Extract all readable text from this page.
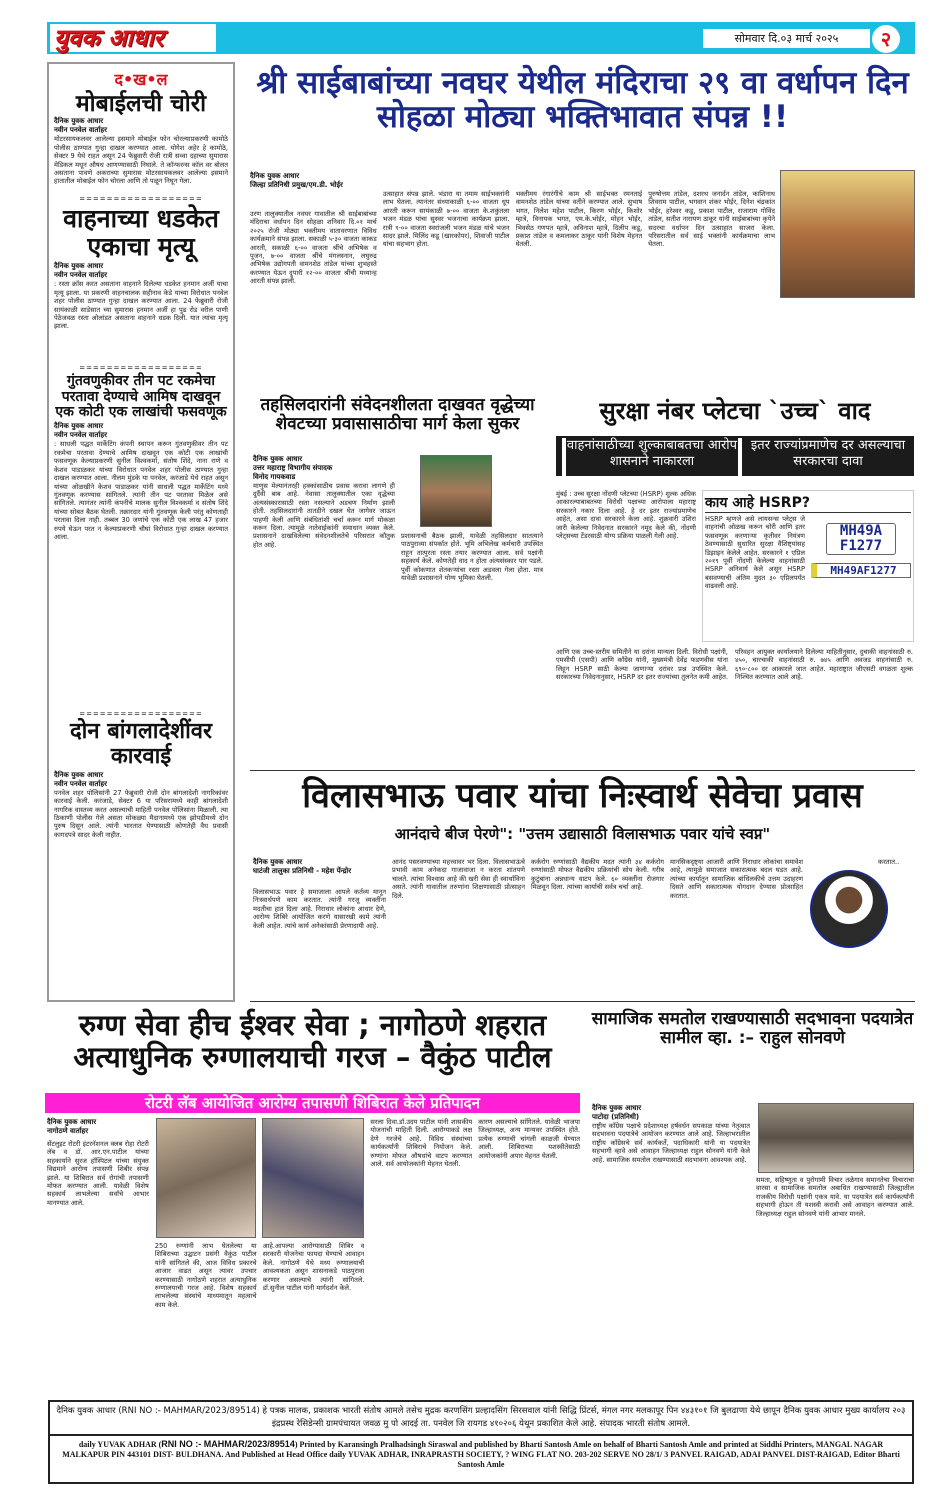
युवक आधार	सोमवार दि.०३ मार्च २०२५	२
द•ख•ल
मोबाईलची चोरी
दैनिक युवक आधार
नवीन पनवेल वार्ताहर
मोटरसायकलवर आलेल्या इसमाने मोबाईल फोन चोरल्याप्रकरणी कामोठे पोलीस ठाण्यात गुन्हा दाखल करण्यात आला. योगेश अहेर हे कामोठे, सेक्टर 9 येथे राहत असून 24 फेब्रुवारी रोजी रात्री सव्वा दहाच्या सुमारास मेडिकल मधून औषध आणण्यासाठी निघाले. ते कॉन्फरन्स कॉल वर बोलत असताना पावणे अकराच्या सुमारास मोटरसायकलवर आलेल्या इसमाने हातातील मोबाईल फोन चोरला आणि तो पळून निघून गेला.
==================
वाहनाच्या धडकेत एकाचा मृत्यू
दैनिक युवक आधार
नवीन पनवेल वार्ताहर
: रस्ता क्रॉस करत असताना वाहनाने दिलेल्या धडकेत हनमान अर्जी याचा मृत्यू झाला. या प्रकरणी वाहनचालक सहीनाव केडे याच्या विरोधात पनवेल शहर पोलीस ठाण्यात गुन्हा दाखल करण्यात आला. 24 फेब्रुवारी रोजी सायंकाळी साडेसात च्या सुमारास हनमान अर्जी हा पुढ रोड वरील पाणी पेठेजवळ रस्ता ओलांडत असताना वाहनाने धडक दिली. यात त्यांचा मृत्यू झाला.
==================
गुंतवणुकीवर तीन पट रकमेचा परतावा देण्याचे आमिष दाखवून एक कोटी एक लाखांची फसवणूक
दैनिक युवक आधार
नवीन पनवेल वार्ताहर
: साधली पद्धत मार्केटिंग कंपनी स्थापन करून गुंतवणुकीवर तीन पट रकमेचा परतावा देण्याचे आमिष दाखवून एक कोटी एक लाखांची फसवणूक केल्याप्रकरणी सुनील विश्वकर्मा, संतोष शिंदे, नाना राणे व केशव पाडाळकर यांच्या विरोधात पनवेल शहर पोलीस ठाण्यात गुन्हा दाखल करण्यात आला. नीलम मुंडके या पनवेल, करंजाडे येथे राहत असून यांच्या ओळखीने केशव पाडाळकर यांनी साधली पद्धत मार्केटिंग मध्ये गुंतवणूक करण्यास सांगितले. त्यांनी तीन पट परतावा मिळेल असे सांगितले. त्यानंतर त्यांनी कंपनीचे मालक सुनील विश्वकर्मा व संतोष शिंदे यांच्या सोबत बैठक घेतली. तक्रारदार यांनी गुंतवणूक केली परंतु कोणताही परतावा दिला नाही. तब्बल 30 जणांचे एक कोटी एक लाख 47 हजार रुपये घेऊन परत न केल्याप्रकरणी चौघां विरोधात गुन्हा दाखल करण्यात आला.
==================
दोन बांगलादेशींवर कारवाई
दैनिक युवक आधार
नवीन पनवेल वार्ताहर
पनवेल शहर पोलिसांनी 27 फेब्रुवारी रोजी दोन बांगलादेशी नागरिकांवर कारवाई केली. करंजाडे, सेक्टर 6 या परिसरामध्ये काही बांगलादेशी नागरिक वास्तव्य करत असल्याची माहिती पनवेल पोलिसांना मिळाली. त्या ठिकाणी पोलीस गेले असता मोकळ्या मैदानामध्ये एक झोपडीमध्ये दोन पुरुष दिसून आले. त्यांनी भारतात येण्यासाठी कोणतेही वैध प्रवासी कागदपत्रे सादर केली नाहीत.
श्री साईबाबांच्या नवघर येथील मंदिराचा २९ वा वर्धापन दिन सोहळा मोठ्या भक्तिभावात संपन्न !!
दैनिक युवक आधार
जिल्हा प्रतिनिधी प्रमुख/एम.डी. भोईर
उरण तालुक्यातील नवघर गावातील श्री साईबाबांच्या मंदिराचा वर्धापन दिन सोहळा शनिवार दि.०१ मार्च २०२५ रोजी मोठ्या भक्तीमय वातावरणात विविध कार्यक्रमाने संपन्न झाला. सकाळी ५-३० वाजता काकड आरती, सकाळी ६-०० वाजता श्रींचे अभिषेक व पूजन, ७-०० वाजता श्रींचे मंगलस्नान, लघुरुद्र अभिषेक उद्योगपती वामनशेठ तांडेल यांच्या शुभहस्ते करण्यात येऊन दुपारी १२-०० वाजता श्रींची मध्यान्ह आरती संपन्न झाली.
उत्साहात संपन्न झाले. भंडारा या तमाम साईभक्तांनी लाभ घेतला. त्यानंतर संध्याकाळी ६-०० वाजता धूप आरती करून सायंकाळी ७-०० वाजता के.शकुंतला भजन मंडळ यांचा सुस्वर भजनाचा कार्यक्रम झाला. रात्री ९-०० वाजता स्वरांजली भजन मंडळ यांचे भजन सादर झाले. मिलिंद कडू (खारकोपर), शिवाजी पाटील यांचा सहभाग होता.
भक्तीमय रंगारंगीचे काम श्री साईभक्त रमनताई वामनशेठ तांडेल यांच्या वतीने करण्यात आले. सुभाष भगत, निलेश महेश पाटील, किरण भोईर, किशोर म्हात्रे, विनायक भगत, एम.के.भोईर, मोहन भोईर, भिवसेठ गणपत म्हात्रे, अविनाश म्हात्रे, दिलीप कडू, प्रकाश तांडेल व कमलाकर ठाकूर यांनी विशेष मेहनत घेतली.
पुरुषोत्तम तांडेल, दशरथ जनार्दन तांडेल, काशिनाथ शिवराम पाटील, भगवान शंकर भोईर, दिनेश चंद्रकांत भोईर, हरेश्वर कडू, प्रकाश पाटील, राजाराम गोविंद तांडेल, सतीश नारायण ठाकूर यांनी साईबाबांच्या कृपेने सदरचा वर्धापन दिन उत्साहात साजरा केला. परिसरातील सर्व साई भक्तांनी कार्यक्रमाचा लाभ घेतला.
तहसिलदारांनी संवेदनशीलता दाखवत वृद्धेच्या शेवटच्या प्रवासासाठीचा मार्ग केला सुकर
दैनिक युवक आधार
उत्तर महाराष्ट्र विभागीय संपादक
विनोद गायकवाड
माणुस मेल्यानंतरही हक्कांसाठीच प्रवास करावा लागणे ही दुर्दैवी बाब आहे. नेवासा तालुक्यातील एका वृद्धेच्या अंत्यसंस्कारासाठी रस्ता नसल्याने अडचण निर्माण झाली होती. तहसिलदारांनी तातडीने दखल घेत जागेवर जाऊन पाहणी केली आणि संबंधितांशी चर्चा करून मार्ग मोकळा करून दिला. त्यामुळे नातेवाईकांनी समाधान व्यक्त केले. प्रशासनाने दाखविलेल्या संवेदनशीलतेचे परिसरात कौतुक होत आहे.
प्रशासनाची बैठक झाली, यावेळी तहसिलदार सातत्याने पाठपुराव्या संपर्कात होते. भूमि अभिलेख कर्मचारी उपस्थित राहून तात्पुरता रस्ता तयार करण्यात आला. सर्व पक्षांनी सहकार्य केले. कोणतेही वाद न होता अंत्यसंस्कार पार पडले. पूर्वी कोकणात शेतकऱ्यांचा रस्ता अडवला गेला होता. मात्र यावेळी प्रशासनाने योग्य भूमिका घेतली.
सुरक्षा नंबर प्लेटचा `उच्च` वाद
वाहनांसाठीच्या शुल्काबाबतचा आरोप शासनाने नाकारला
इतर राज्यांप्रमाणेच दर असल्याचा सरकारचा दावा
मुंबई : उच्च सुरक्षा नोंदणी प्लेटच्या (HSRP) शुल्क अधिक आकारल्याबाबतच्या विरोधी पक्षाच्या आरोपाला महाराष्ट्र सरकारने नकार दिला आहे. हे दर इतर राज्यांप्रमाणेच आहेत, असा दावा सरकारने केला आहे. शुक्रवारी उशिरा जारी केलेल्या निवेदनात सरकारने नमूद केले की, नोंदणी प्लेट्सच्या टेंडरसाठी योग्य प्रक्रिया पाळली गेली आहे.
काय आहे HSRP?
HSRP म्हणजे असे लायसन्स प्लेट्स जे वाहनांची ओळख करून चोरी आणि इतर फसवणूक करणाऱ्या कृतीवर नियंत्रण ठेवण्यासाठी सुधारित सुरक्षा वैशिष्ट्यांसह डिझाइन केलेले आहेत. सरकारने १ एप्रिल २०१९ पूर्वी नोंदणी केलेल्या वाहनांसाठी HSRP अनिवार्य केले असून HSRP बसवण्याची अंतिम मुदत ३० एप्रिलपर्यंत वाढवली आहे.
MH49A
F1277
MH49AF1277
आणि एक उच्च-स्तरीय समितीने या दरांना मान्यता दिली. विरोधी पक्षांनी, एमसीपी (एसपी) आणि काँग्रेस यांनी, मुख्यमंत्री देवेंद्र फडणवीस यांना लिहून HSRP साठी केल्या जाणाऱ्या दरांवर प्रश्न उपस्थित केले. सरकारच्या निवेदनानुसार, HSRP दर इतर राज्यांच्या तुलनेत कमी आहेत.
परिवहन आयुक्त कार्यालयाने दिलेल्या माहितीनुसार, दुचाकी वाहनांसाठी रु. ४५०, चारचाकी वाहनांसाठी रु. ७४५ आणि अवजड वाहनांसाठी रु. ६९०-८०० दर आकारले जात आहेत. महाराष्ट्रात जीएसटी वगळता शुल्क निश्चित करण्यात आले आहे.
विलासभाऊ पवार यांचा निःस्वार्थ सेवेचा प्रवास
आनंदाचे बीज पेरणे": "उत्तम उद्यासाठी विलासभाऊ पवार यांचे स्वप्न"
दैनिक युवक आधार
घाटंजी तालुका प्रतिनिधी - महेश पेंन्द्रोर
विलासभाऊ पवार हे समाजाला आपले कर्तव्य मानून निःस्वार्थपणे काम करतात. त्यांनी गरजू व्यक्तींना मदतीचा हात दिला आहे. निराधार लोकांना आधार देणे, आरोग्य शिबिरे आयोजित करणे यासारखी कामे त्यांनी केली आहेत. त्यांचे कार्य अनेकांसाठी प्रेरणादायी आहे.
आनंद पसरवण्याच्या महत्त्वावर भर दिला. विलासभाऊंचे प्रभावी काम अनेकदा गाजावाजा न करता शांतपणे चालते. त्यांचा विश्वास आहे की खरी सेवा ही स्वार्थाविना असते. त्यांनी गावातील तरुणांना शिक्षणासाठी प्रोत्साहन दिले.
कर्करोग रुग्णांसाठी वैद्यकीय मदत त्यांनी ३४ कर्करोग रुग्णांसाठी मोफत वैद्यकीय प्रक्रियांची सोय केली. गरीब कुटुंबांना अन्नधान्य वाटप केले. ६० व्यक्तींना रोजगार मिळवून दिला. त्यांच्या कार्याची सर्वत्र चर्चा आहे.
मानसिकदृष्ट्या आजारी आणि निराधार लोकांचा समावेश आहे, त्यामुळे समाजात सकारात्मक बदल घडत आहे. त्यांच्या कार्यातून सामाजिक बांधिलकीचे उत्तम उदाहरण दिसते आणि सकारात्मक योगदान देण्यास प्रोत्साहित करतात.
करतात..
रुग्ण सेवा हीच ईश्वर सेवा ; नागोठणे शहरात अत्याधुनिक रुग्णालयाची गरज – वैकुंठ पाटील
रोटरी लॅब आयोजित आरोग्य तपासणी शिबिरात केले प्रतिपादन
दैनिक युवक आधार
नागोठणे वार्ताहर
सेंटलुइट रोटरी इंटरनॅशनल क्लब रोहा रोटरी लॅब व डॉ. आर.एन.पाटील यांच्या सहकार्याने सुरज हॉस्पिटल यांच्या संयुक्त विद्यमाने आरोग्य तपासणी शिबीर संपन्न झाले. या शिबिरात सर्व रोगांची तपासणी मोफत करण्यात आली. यावेळी विशेष सहकार्य लाभलेल्या सर्वांचे आभार मानण्यात आले.
250 रुग्णांनी लाभ घेतलेल्या या शिबिराच्या उद्घाटन प्रसंगी वैकुंठ पाटील यांनी सांगितले की, आज विविध प्रकारचे आजार वाढत असून त्यावर उपचार करण्यासाठी नागोठणे शहरात अत्याधुनिक रुग्णालयाची गरज आहे. विशेष सहकार्य लाभलेल्या संस्थांचे माध्यमातून महत्वाचे काम केले.
आहे.आपल्या आरोग्यासाठी शिबिर व सरकारी योजनेचा फायदा घेण्याचे आवाहन केले. नागोठणे येथे मध्य रुग्णालयाची आवश्यकता असून शासनाकडे पाठपुरावा करणार असल्याचे त्यांनी सांगितले. डॉ.सुनील पाटील यांनी मार्गदर्शन केले.
सरला दिवा.डॉ.उदय पाटील यांनी शासकीय योजनांची माहिती दिली. आरोग्याकडे लक्ष देणे गरजेचे आहे. विविध संस्थांच्या कार्यकर्त्यांनी शिबिराचे नियोजन केले. रुग्णांना मोफत औषधांचे वाटप करण्यात आले. सर्व आयोजकांनी मेहनत घेतली.
कारण असल्याचे सांगितले. यावेळी भाजपा जिल्हाध्यक्ष, अन्य मान्यवर उपस्थित होते. प्रत्येक रुग्णाची चांगली काळजी घेण्यात आली. शिबिराच्या यशस्वीतेसाठी आयोजकांनी अपार मेहनत घेतली.
सामाजिक समतोल राखण्यासाठी सदभावना पदयात्रेत सामील व्हा. :– राहुल सोनवणे
दैनिक युवक आधार
पाटोदा (प्रतिनिधी)
राष्ट्रीय काँग्रेस पक्षाचे प्रदेशाध्यक्ष हर्षवर्धन सपकाळ यांच्या नेतृत्वात सदभावना पदयात्रेचे आयोजन करण्यात आले आहे. जिल्हाभरातील राष्ट्रीय काँग्रेसचे सर्व कार्यकर्ते, पदाधिकारी यांनी या पदयात्रेत सहभागी व्हावे असे आवाहन जिल्हाध्यक्ष राहुल सोनवणे यांनी केले आहे. सामाजिक समतोल राखण्यासाठी सदभावना आवश्यक आहे.
समता, सहिष्णुता व पुरोगामी विचार तळेगाव समानतेचा विचाराचा वारसा व सामाजिक समतोल अबाधित राखण्यासाठी जिल्ह्यातील राजकीय विरोधी पक्षांनी एकत्र यावे. या पदयात्रेत सर्व कार्यकर्त्यांनी सहभागी होऊन ती यशस्वी करावी असे आवाहन करण्यात आले. जिल्हाध्यक्ष राहुल सोनवणे यांनी आभार मानले.
दैनिक युवक आधार (RNI NO :- MAHMAR/2023/89514) हे पत्रक मालक, प्रकाशक भारती संतोष आमले तसेच मुद्रक करणसिंग प्रल्हादसिंग सिरसवाल यांनी सिद्धि प्रिंटर्स, मंगल नगर मलकापूर पिन ४४३१०१ जि बुलढाणा येथे छापून दैनिक युवक आधार मुख्य कार्यालय २०३ इंद्रप्रस्थ रेसिडेन्सी ग्रामपंचायत जवळ मु पो आदई ता. पनवेल जि रायगड ४१०२०६ येथून प्रकाशित केले आहे. संपादक भारती संतोष आमले.
daily YUVAK ADHAR (RNI NO :- MAHMAR/2023/89514) Printed by Karansingh Pralhadsingh Siraswal and published by Bharti Santosh Amle on behalf of Bharti Santosh Amle and printed at Siddhi Printers, MANGAL NAGAR MALKAPUR PIN 443101 DIST- BULDHANA. And Published at Head Office daily YUVAK ADHAR, INRAPRASTH SOCIETY, ? WING FLAT NO. 203-202 SERVE NO 28/1/ 3 PANVEL RAIGAD, ADAI PANVEL DIST-RAIGAD, Editor Bharti Santosh Amle
